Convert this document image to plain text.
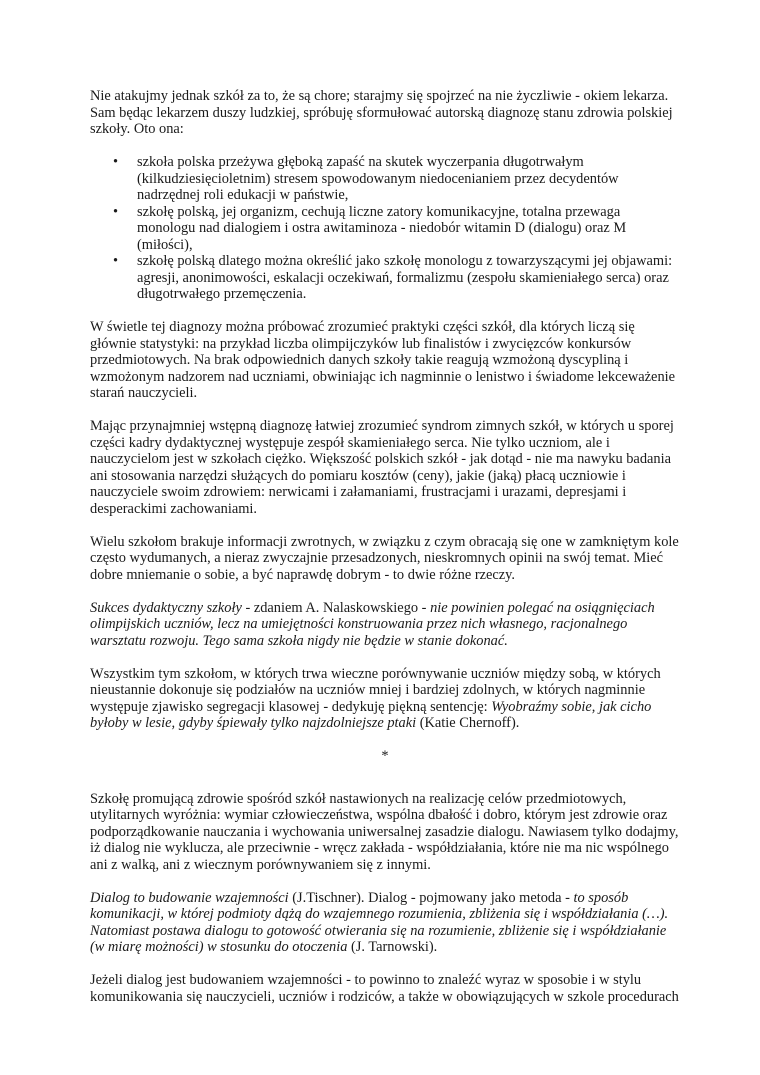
Nie atakujmy jednak szkół za to, że są chore; starajmy się spojrzeć na nie życzliwie - okiem lekarza. Sam będąc lekarzem duszy ludzkiej, spróbuję sformułować autorską diagnozę stanu zdrowia polskiej szkoły. Oto ona:

• szkoła polska przeżywa głęboką zapaść na skutek wyczerpania długotrwałym (kilkudziesięcioletnim) stresem spowodowanym niedocenianiem przez decydentów nadrzędnej roli edukacji w państwie,
• szkołę polską, jej organizm, cechują liczne zatory komunikacyjne, totalna przewaga monologu nad dialogiem i ostra awitaminoza - niedobór witamin D (dialogu) oraz M (miłości),
• szkołę polską dlatego można określić jako szkołę monologu z towarzyszącymi jej objawami: agresji, anonimowości, eskalacji oczekiwań, formalizmu (zespołu skamieniałego serca) oraz długotrwałego przemęczenia.

W świetle tej diagnozy można próbować zrozumieć praktyki części szkół, dla których liczą się głównie statystyki: na przykład liczba olimpijczyków lub finalistów i zwycięzców konkursów przedmiotowych. Na brak odpowiednich danych szkoły takie reagują wzmożoną dyscypliną i wzmożonym nadzorem nad uczniami, obwiniając ich nagminnie o lenistwo i świadome lekceważenie starań nauczycieli.

Mając przynajmniej wstępną diagnozę łatwiej zrozumieć syndrom zimnych szkół, w których u sporej części kadry dydaktycznej występuje zespół skamieniałego serca. Nie tylko uczniom, ale i nauczycielom jest w szkołach ciężko. Większość polskich szkół - jak dotąd - nie ma nawyku badania ani stosowania narzędzi służących do pomiaru kosztów (ceny), jakie (jaką) płacą uczniowie i nauczyciele swoim zdrowiem: nerwicami i załamaniami, frustracjami i urazami, depresjami i desperackimi zachowaniami.

Wielu szkołom brakuje informacji zwrotnych, w związku z czym obracają się one w zamkniętym kole często wydumanych, a nieraz zwyczajnie przesadzonych, nieskromnych opinii na swój temat. Mieć dobre mniemanie o sobie, a być naprawdę dobrym - to dwie różne rzeczy.

Sukces dydaktyczny szkoły - zdaniem A. Nalaskowskiego - nie powinien polegać na osiągnięciach olimpijskich uczniów, lecz na umiejętności konstruowania przez nich własnego, racjonalnego warsztatu rozwoju. Tego sama szkoła nigdy nie będzie w stanie dokonać.

Wszystkim tym szkołom, w których trwa wieczne porównywanie uczniów między sobą, w których nieustannie dokonuje się podziałów na uczniów mniej i bardziej zdolnych, w których nagminnie występuje zjawisko segregacji klasowej - dedykuję piękną sentencję: Wyobraźmy sobie, jak cicho byłoby w lesie, gdyby śpiewały tylko najzdolniejsze ptaki (Katie Chernoff).

*

Szkołę promującą zdrowie spośród szkół nastawionych na realizację celów przedmiotowych, utylitarnych wyróżnia: wymiar człowieczeństwa, wspólna dbałość i dobro, którym jest zdrowie oraz podporządkowanie nauczania i wychowania uniwersalnej zasadzie dialogu. Nawiasem tylko dodajmy, iż dialog nie wyklucza, ale przeciwnie - wręcz zakłada - współdziałania, które nie ma nic wspólnego ani z walką, ani z wiecznym porównywaniem się z innymi.

Dialog to budowanie wzajemności (J.Tischner). Dialog - pojmowany jako metoda - to sposób komunikacji, w której podmioty dążą do wzajemnego rozumienia, zbliżenia się i współdziałania (…). Natomiast postawa dialogu to gotowość otwierania się na rozumienie, zbliżenie się i współdziałanie (w miarę możności) w stosunku do otoczenia (J. Tarnowski).

Jeżeli dialog jest budowaniem wzajemności - to powinno to znaleźć wyraz w sposobie i w stylu komunikowania się nauczycieli, uczniów i rodziców, a także w obowiązujących w szkole procedurach
